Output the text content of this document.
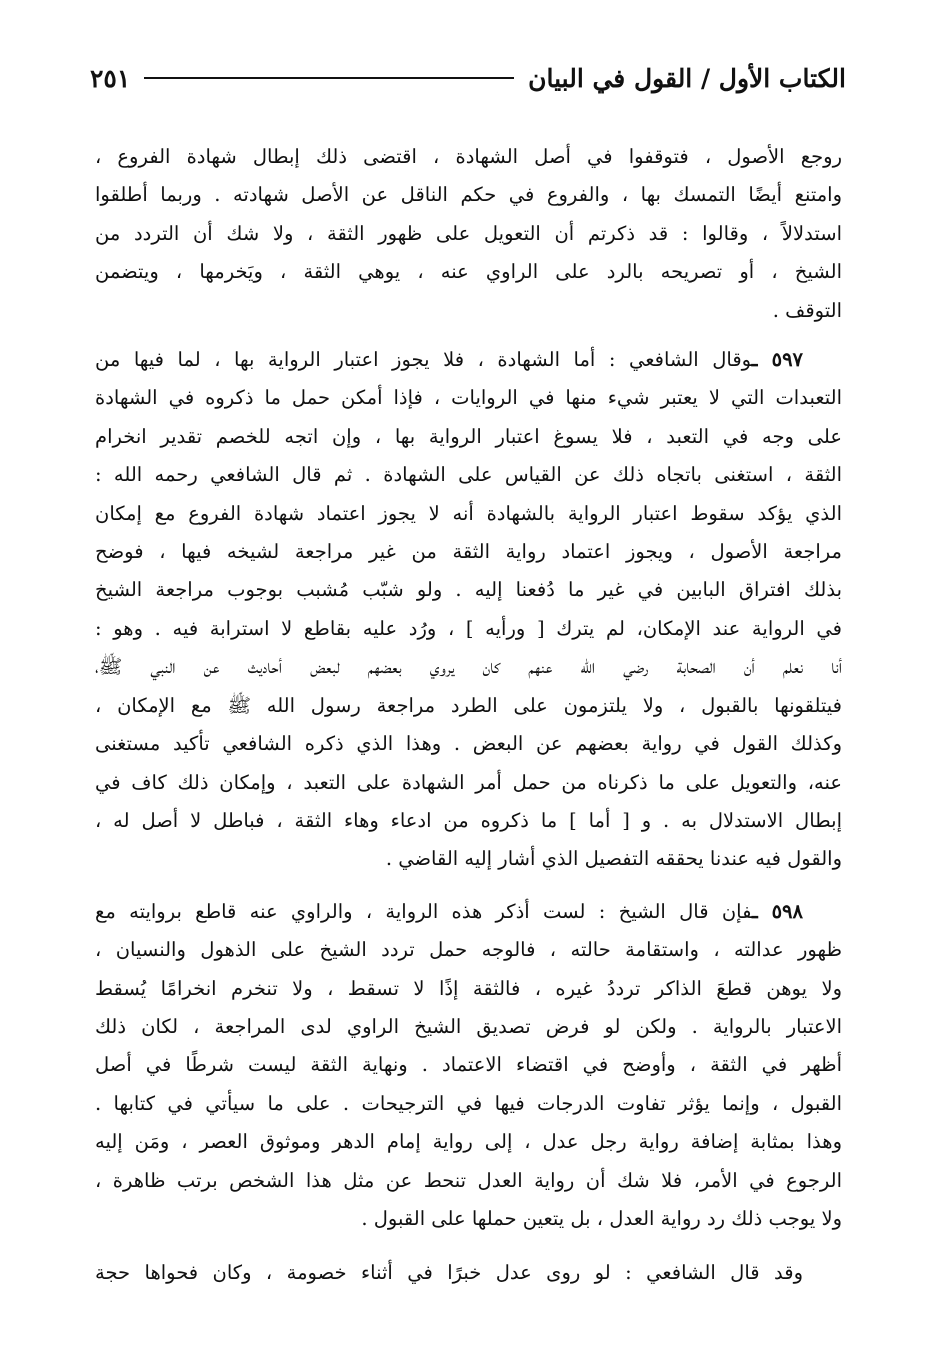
الكتاب الأول / القول في البيان
٢٥١

روجع الأصول ، فتوقفوا في أصل الشهادة ، اقتضى ذلك إبطال شهادة الفروع ،
وامتنع أيضًا التمسك بها ، والفروع في حكم الناقل عن الأصل شهادته . وربما أطلقوا
استدلالاً ، وقالوا : قد ذكرتم أن التعويل على ظهور الثقة ، ولا شك أن التردد من
الشيخ ، أو تصريحه بالرد على الراوي عنه ، يوهي الثقة ، ويَخرمها ، ويتضمن
التوقف .

  ٥٩٧ ـوقال الشافعي : أما الشهادة ، فلا يجوز اعتبار الرواية بها ، لما فيها من
التعبدات التي لا يعتبر شيء منها في الروايات ، فإذا أمكن حمل ما ذكروه في الشهادة
على وجه في التعبد ، فلا يسوغ اعتبار الرواية بها ، وإن اتجه للخصم تقدير انخرام
الثقة ، استغنى باتجاه ذلك عن القياس على الشهادة . ثم قال الشافعي رحمه الله :
الذي يؤكد سقوط اعتبار الرواية بالشهادة أنه لا يجوز اعتماد شهادة الفروع مع إمكان
مراجعة الأصول ، ويجوز اعتماد رواية الثقة من غير مراجعة لشيخه فيها ، فوضح
بذلك افتراق البابين في غير ما دُفعنا إليه . ولو شبّب مُشبب بوجوب مراجعة الشيخ
في الرواية عند الإمكان، لم يترك [ ورأيه ] ، ورُد عليه بقاطع لا استرابة فيه . وهو :
أنا نعلم أن الصحابة رضي الله عنهم كان يروي بعضهم لبعض أحاديث عن النبي ﷺ،
فيتلقونها بالقبول ، ولا يلتزمون على الطرد مراجعة رسول الله ﷺ مع الإمكان ،
وكذلك القول في رواية بعضهم عن البعض . وهذا الذي ذكره الشافعي تأكيد مستغنى
عنه، والتعويل على ما ذكرناه من حمل أمر الشهادة على التعبد ، وإمكان ذلك كاف في
إبطال الاستدلال به . و [ أما ] ما ذكروه من ادعاء وهاء الثقة ، فباطل لا أصل له ،
والقول فيه عندنا يحققه التفصيل الذي أشار إليه القاضي .

  ٥٩٨ ـفإن قال الشيخ : لست أذكر هذه الرواية ، والراوي عنه قاطع بروايته مع
ظهور عدالته ، واستقامة حالته ، فالوجه حمل تردد الشيخ على الذهول والنسيان ،
ولا يوهن قطعَ الذاكر ترددُ غيره ، فالثقة إذًا لا تسقط ، ولا تنخرم انخرامًا يُسقط
الاعتبار بالرواية . ولكن لو فرض تصديق الشيخ الراوي لدى المراجعة ، لكان ذلك
أظهر في الثقة ، وأوضح في اقتضاء الاعتماد . ونهاية الثقة ليست شرطًا في أصل
القبول ، وإنما يؤثر تفاوت الدرجات فيها في الترجيحات . على ما سيأتي في كتابها .
وهذا بمثابة إضافة رواية رجل عدل ، إلى رواية إمام الدهر وموثوق العصر ، ومَن إليه
الرجوع في الأمر، فلا شك أن رواية العدل تنحط عن مثل هذا الشخص برتب ظاهرة ،
ولا يوجب ذلك رد رواية العدل ، بل يتعين حملها على القبول .

  وقد قال الشافعي : لو روى عدل خبرًا في أثناء خصومة ، وكان فحواها حجة
